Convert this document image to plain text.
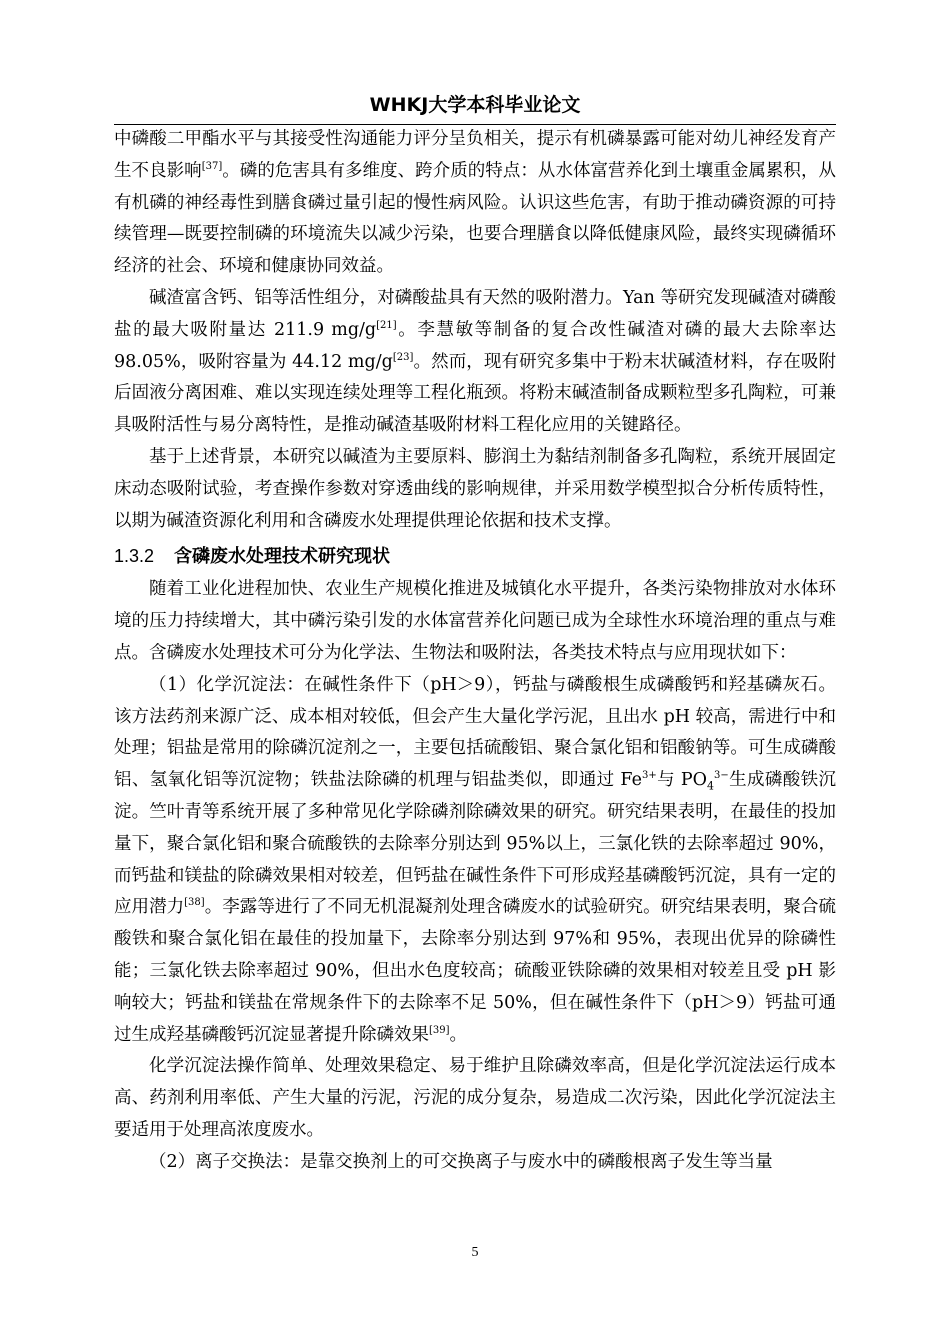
WHKJ大学本科毕业论文

中磷酸二甲酯水平与其接受性沟通能力评分呈负相关，提示有机磷暴露可能对幼儿神经发育产生不良影响[37]。磷的危害具有多维度、跨介质的特点：从水体富营养化到土壤重金属累积，从有机磷的神经毒性到膳食磷过量引起的慢性病风险。认识这些危害，有助于推动磷资源的可持续管理—既要控制磷的环境流失以减少污染，也要合理膳食以降低健康风险，最终实现磷循环经济的社会、环境和健康协同效益。

碱渣富含钙、铝等活性组分，对磷酸盐具有天然的吸附潜力。Yan 等研究发现碱渣对磷酸盐的最大吸附量达 211.9 mg/g[21]。李慧敏等制备的复合改性碱渣对磷的最大去除率达 98.05%，吸附容量为 44.12 mg/g[23]。然而，现有研究多集中于粉末状碱渣材料，存在吸附后固液分离困难、难以实现连续处理等工程化瓶颈。将粉末碱渣制备成颗粒型多孔陶粒，可兼具吸附活性与易分离特性，是推动碱渣基吸附材料工程化应用的关键路径。

基于上述背景，本研究以碱渣为主要原料、膨润土为黏结剂制备多孔陶粒，系统开展固定床动态吸附试验，考查操作参数对穿透曲线的影响规律，并采用数学模型拟合分析传质特性，以期为碱渣资源化利用和含磷废水处理提供理论依据和技术支撑。

1.3.2 含磷废水处理技术研究现状

随着工业化进程加快、农业生产规模化推进及城镇化水平提升，各类污染物排放对水体环境的压力持续增大，其中磷污染引发的水体富营养化问题已成为全球性水环境治理的重点与难点。含磷废水处理技术可分为化学法、生物法和吸附法，各类技术特点与应用现状如下：

（1）化学沉淀法：在碱性条件下（pH＞9），钙盐与磷酸根生成磷酸钙和羟基磷灰石。该方法药剂来源广泛、成本相对较低，但会产生大量化学污泥，且出水 pH 较高，需进行中和处理；铝盐是常用的除磷沉淀剂之一，主要包括硫酸铝、聚合氯化铝和铝酸钠等。可生成磷酸铝、氢氧化铝等沉淀物；铁盐法除磷的机理与铝盐类似，即通过 $Fe^{3+}$与 $PO_4^{3-}$生成磷酸铁沉淀。竺叶青等系统开展了多种常见化学除磷剂除磷效果的研究。研究结果表明，在最佳的投加量下，聚合氯化铝和聚合硫酸铁的去除率分别达到 95%以上，三氯化铁的去除率超过 90%，而钙盐和镁盐的除磷效果相对较差，但钙盐在碱性条件下可形成羟基磷酸钙沉淀，具有一定的应用潜力[38]。李露等进行了不同无机混凝剂处理含磷废水的试验研究。研究结果表明，聚合硫酸铁和聚合氯化铝在最佳的投加量下，去除率分别达到 97%和 95%，表现出优异的除磷性能；三氯化铁去除率超过 90%，但出水色度较高；硫酸亚铁除磷的效果相对较差且受 pH 影响较大；钙盐和镁盐在常规条件下的去除率不足 50%，但在碱性条件下（pH＞9）钙盐可通过生成羟基磷酸钙沉淀显著提升除磷效果[39]。

化学沉淀法操作简单、处理效果稳定、易于维护且除磷效率高，但是化学沉淀法运行成本高、药剂利用率低、产生大量的污泥，污泥的成分复杂，易造成二次污染，因此化学沉淀法主要适用于处理高浓度废水。

（2）离子交换法：是靠交换剂上的可交换离子与废水中的磷酸根离子发生等当量

5
